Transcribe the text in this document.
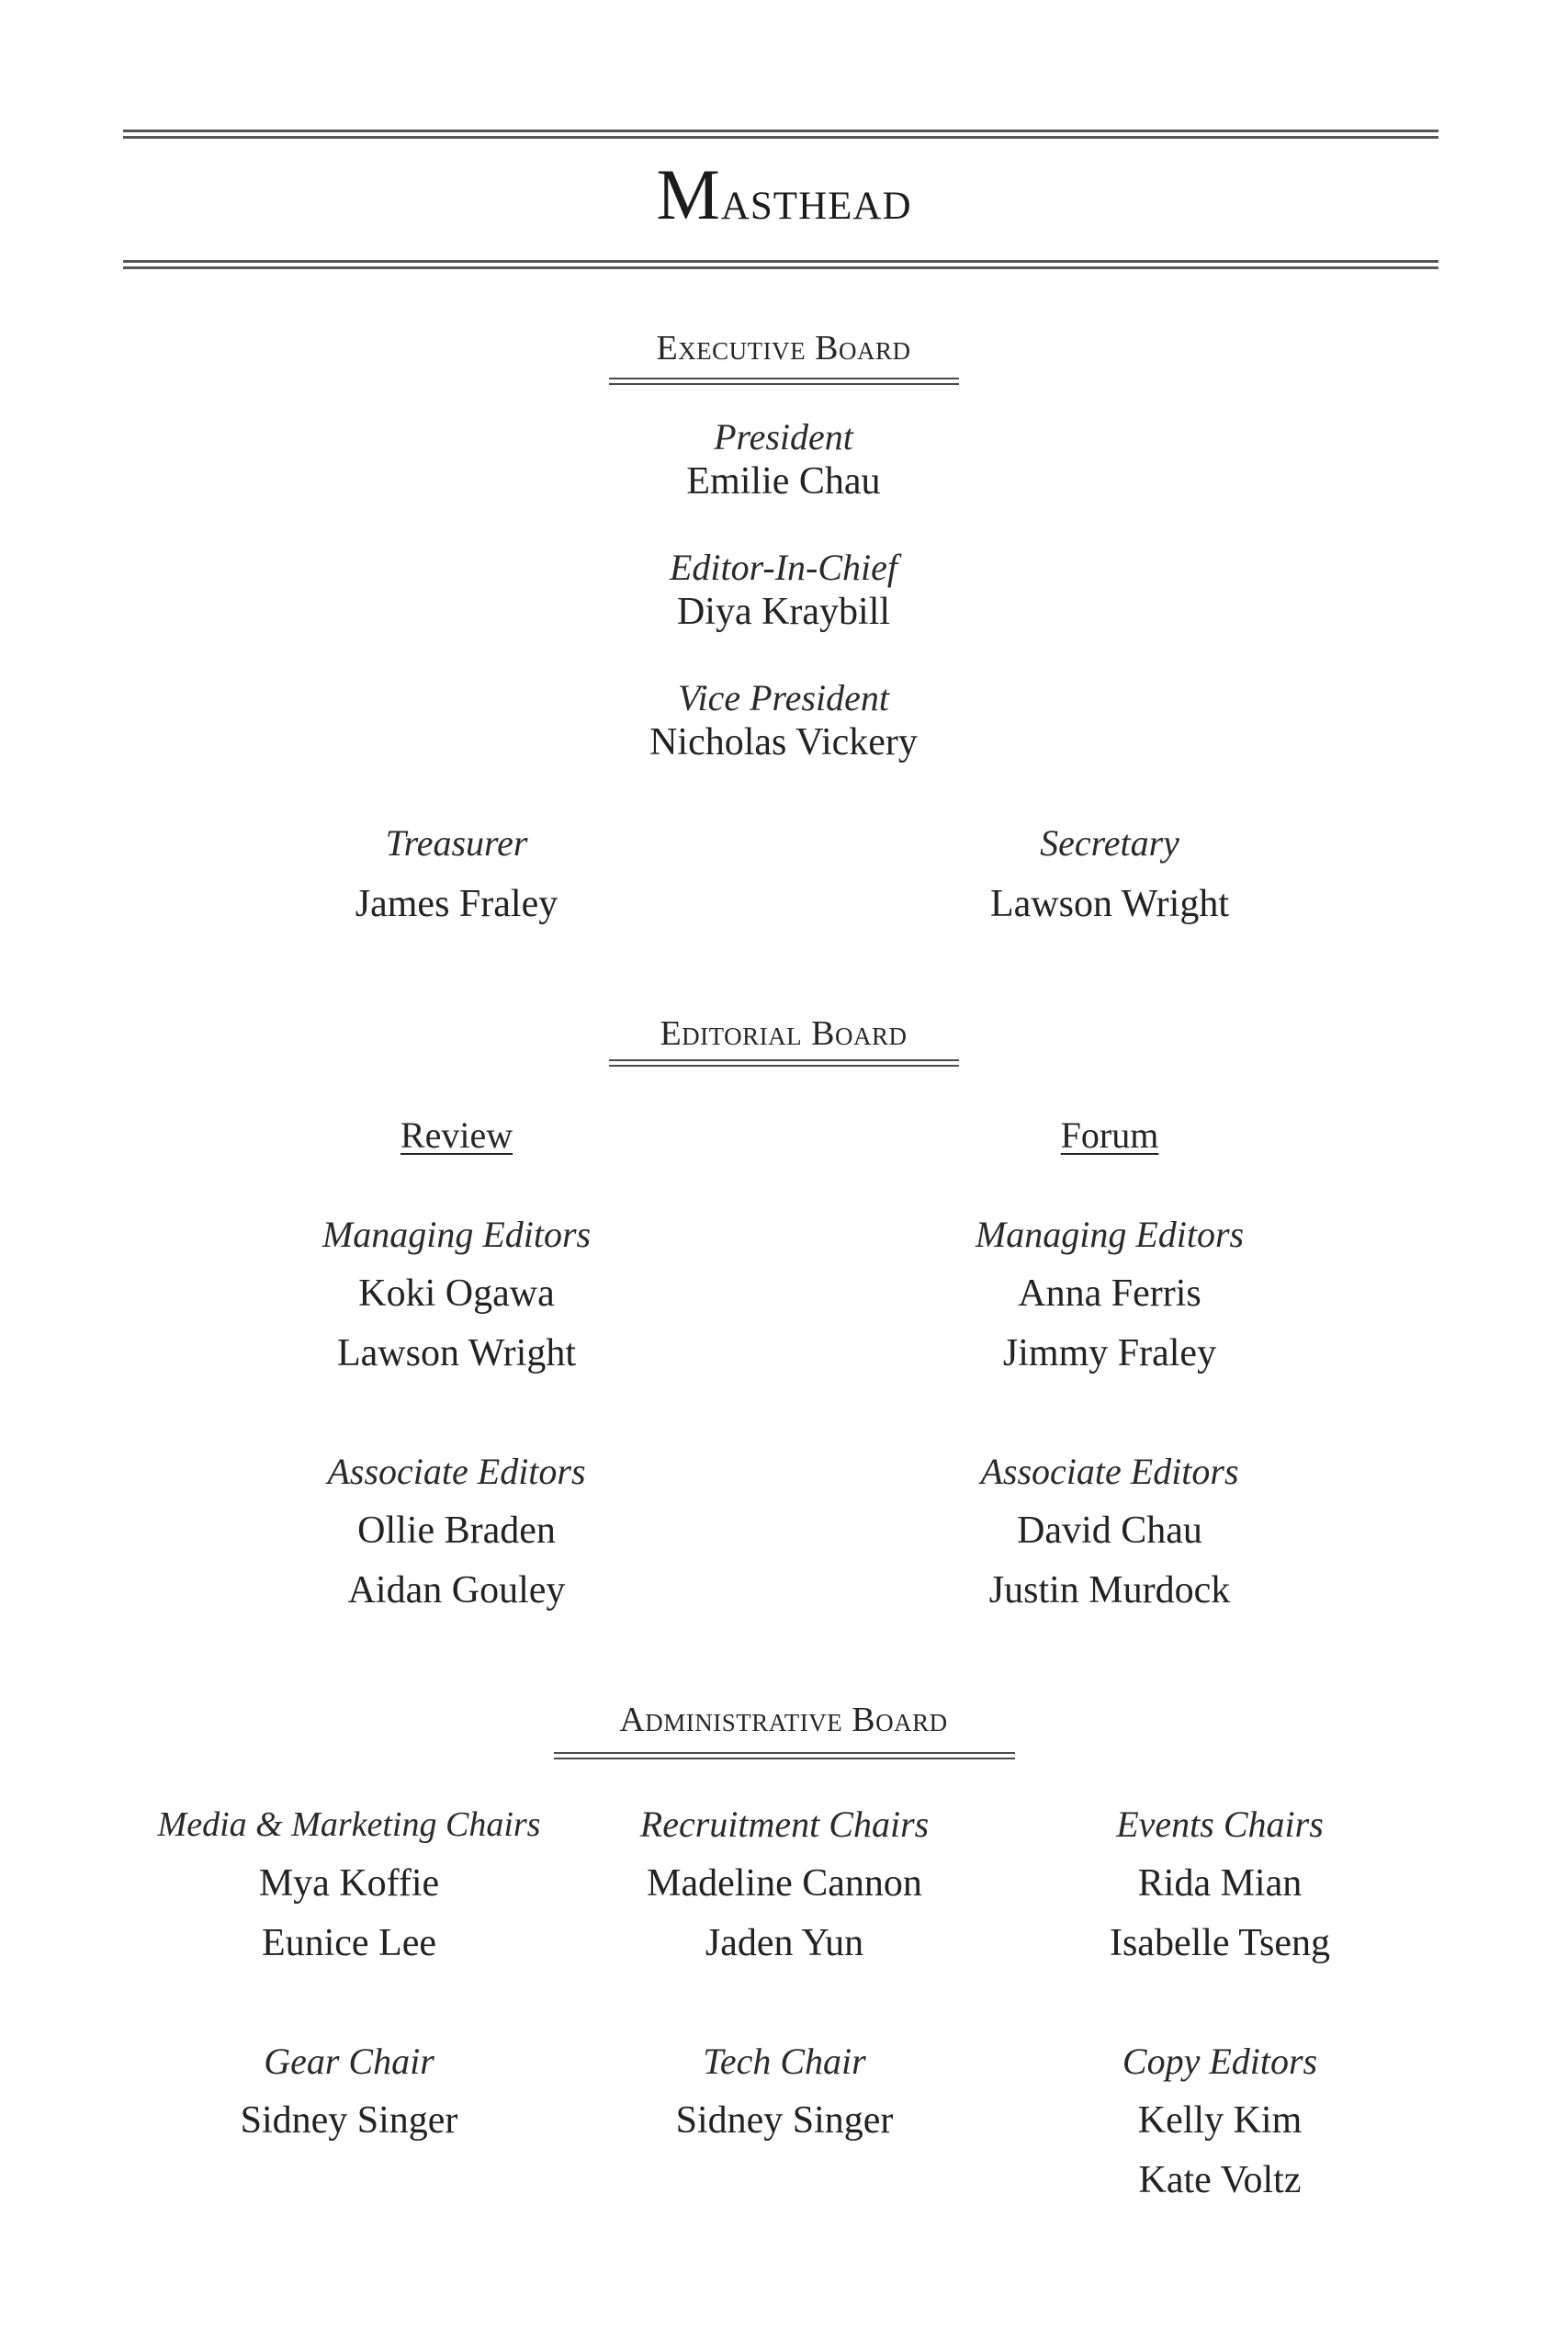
Masthead
Executive Board
President
Emilie Chau
Editor-In-Chief
Diya Kraybill
Vice President
Nicholas Vickery
Treasurer
James Fraley
Secretary
Lawson Wright
Editorial Board
Review
Managing Editors
Koki Ogawa
Lawson Wright
Associate Editors
Ollie Braden
Aidan Gouley
Forum
Managing Editors
Anna Ferris
Jimmy Fraley
Associate Editors
David Chau
Justin Murdock
Administrative Board
Media & Marketing Chairs
Mya Koffie
Eunice Lee
Recruitment Chairs
Madeline Cannon
Jaden Yun
Events Chairs
Rida Mian
Isabelle Tseng
Gear Chair
Sidney Singer
Tech Chair
Sidney Singer
Copy Editors
Kelly Kim
Kate Voltz
